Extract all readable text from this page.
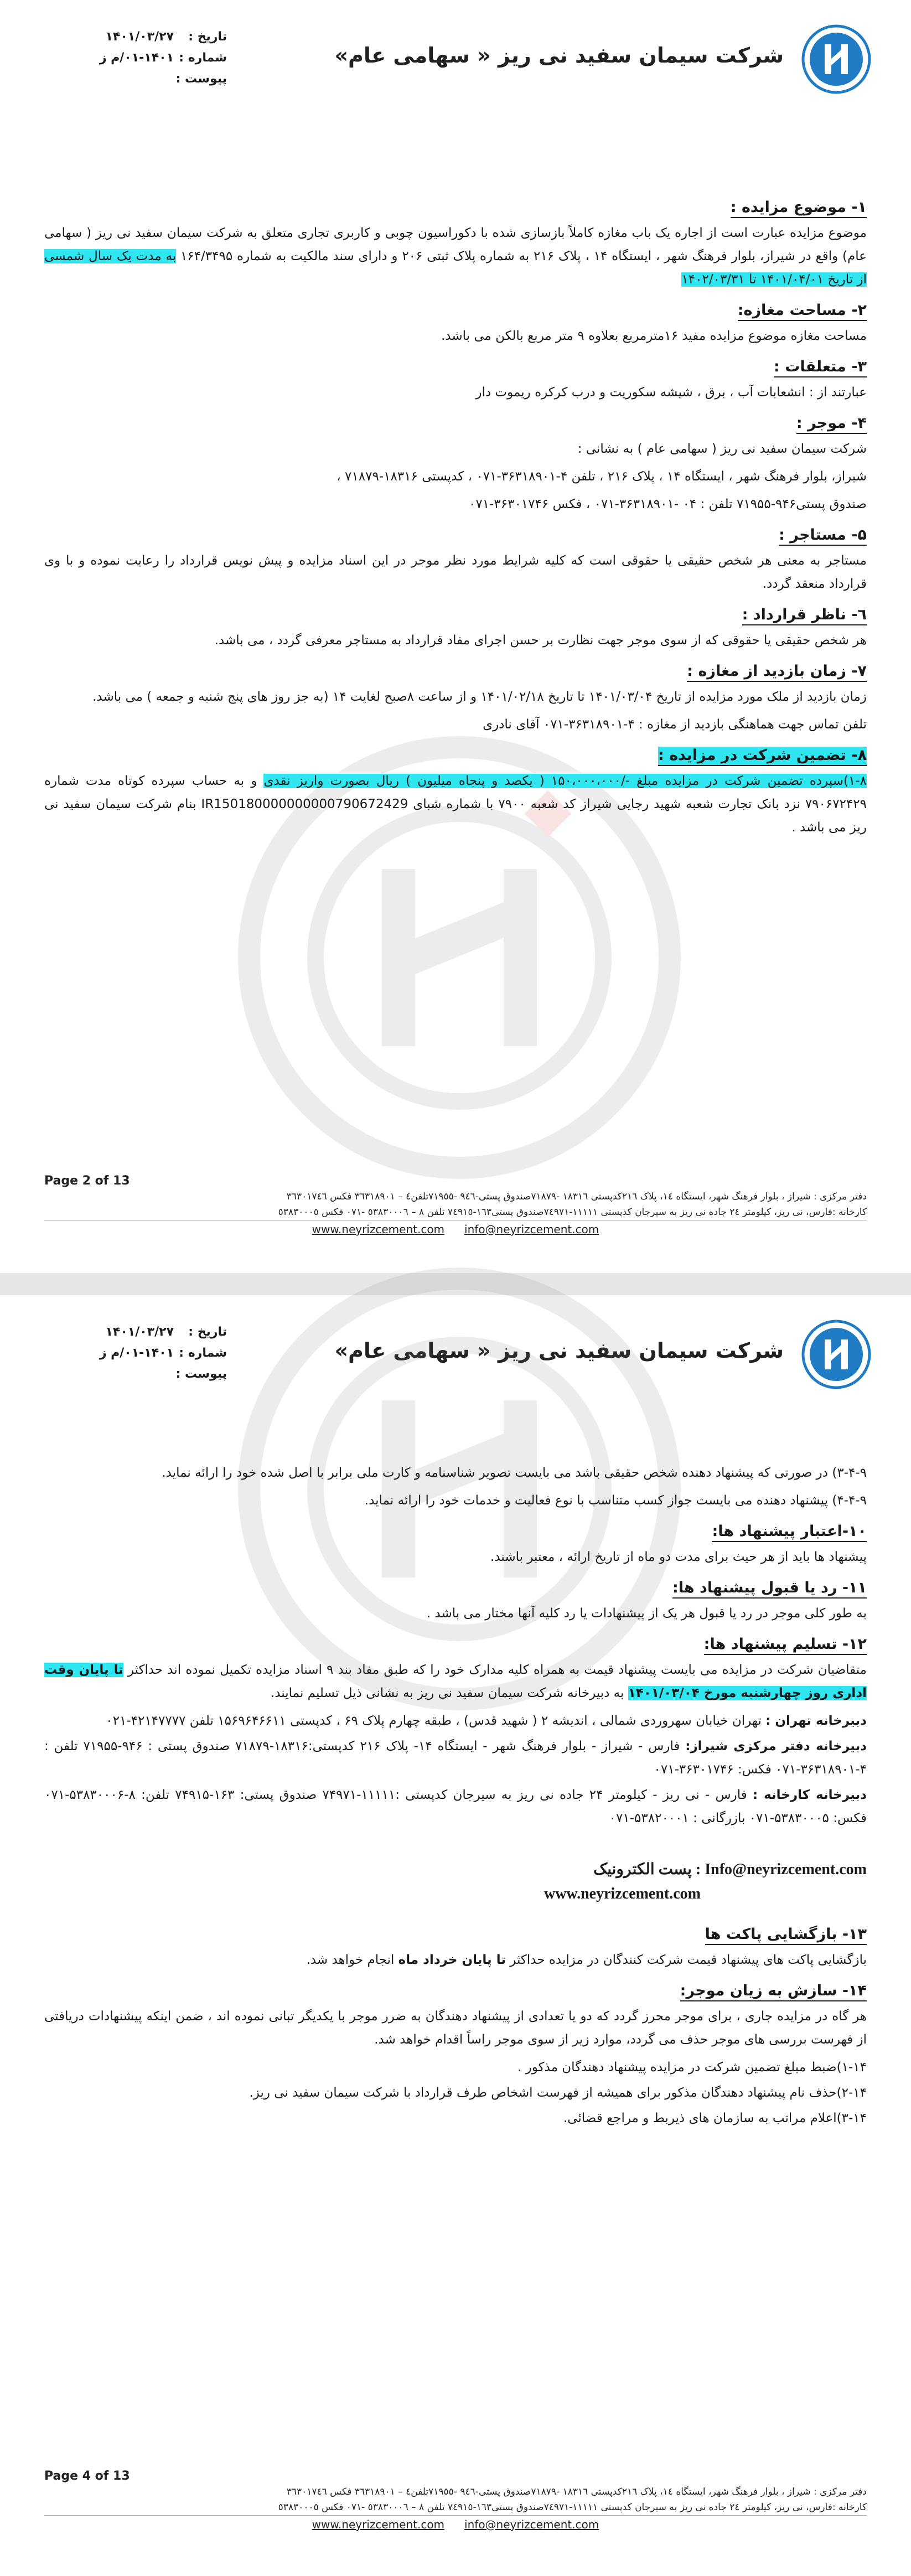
شرکت سیمان سفید نی ریز « سهامی عام»
تاریخ :۱۴۰۱/۰۳/۲۷
شماره :۰۱-۱۴۰۱/م ز
پیوست :
۱- موضوع مزایده :

موضوع مزایده عبارت است از اجاره یک باب مغازه کاملاً بازسازی شده با دکوراسیون چوبی و کاربری تجاری متعلق به شرکت سیمان سفید نی ریز ( سهامی عام) واقع در شیراز، بلوار فرهنگ شهر ، ایستگاه ۱۴ ، پلاک ۲۱۶ به شماره پلاک ثبتی ۲۰۶ و دارای سند مالکیت به شماره ۱۶۴/۳۴۹۵ به مدت یک سال شمسی از تاریخ ۱۴۰۱/۰۴/۰۱ تا ۱۴۰۲/۰۳/۳۱

۲- مساحت مغازه:

مساحت مغازه موضوع مزایده مفید ۱۶مترمربع بعلاوه ۹ متر مربع بالکن می باشد.

۳- متعلقات :

عبارتند از : انشعابات آب ، برق ، شیشه سکوریت و درب کرکره ریموت دار

۴- موجر :

شرکت سیمان سفید نی ریز ( سهامی عام ) به نشانی :

شیراز، بلوار فرهنگ شهر ، ایستگاه ۱۴ ، پلاک ۲۱۶ ، تلفن ۴-۳۶۳۱۸۹۰۱-۰۷۱ ، کدپستی ۱۸۳۱۶-۷۱۸۷۹ ،

صندوق پستی۹۴۶-۷۱۹۵۵ تلفن : ۰۴ -۳۶۳۱۸۹۰۱-۰۷۱ ، فکس ۳۶۳۰۱۷۴۶-۰۷۱

۵- مستاجر :

مستاجر به معنی هر شخص حقیقی یا حقوقی است که کلیه شرایط مورد نظر موجر در این اسناد مزایده و پیش نویس قرارداد را رعایت نموده و با وی قرارداد منعقد گردد.

٦- ناظر قرارداد :

هر شخص حقیقی یا حقوقی که از سوی موجر جهت نظارت بر حسن اجرای مفاد قرارداد به مستاجر معرفی گردد ، می باشد.

۷- زمان بازدید از مغازه :

زمان بازدید از ملک مورد مزایده از تاریخ ۱۴۰۱/۰۳/۰۴ تا تاریخ ۱۴۰۱/۰۲/۱۸ و از ساعت ۸صبح لغایت ۱۴ (به جز روز های پنج شنبه و جمعه ) می باشد.

تلفن تماس جهت هماهنگی بازدید از مغازه : ۴-۳۶۳۱۸۹۰۱-۰۷۱ آقای نادری

۸- تضمین شرکت در مزایده :

۱-۸)سپرده تضمین شرکت در مزایده مبلغ -/۱۵۰،۰۰۰،۰۰۰ ( یکصد و پنجاه میلیون ) ریال بصورت واریز نقدی و به حساب سپرده کوتاه مدت شماره ۷۹۰۶۷۲۴۲۹ نزد بانک تجارت شعبه شهید رجایی شیراز کد شعبه ۷۹۰۰ با شماره شبای IR150180000000000790672429 بنام شرکت سیمان سفید نی ریز می باشد .

Page 2 of 13
دفتر مرکزی : شیراز ، بلوار فرهنگ شهر، ایستگاه ١٤، پلاک ٢١٦کدپستی ١٨٣١٦ -٧١٨٧٩صندوق پستی-٩٤٦ -٧١٩٥٥تلفن٤ – ٣٦٣١٨٩٠١ فکس ٣٦٣٠١٧٤٦
کارخانه :فارس، نی ریز، کیلومتر ٢٤ جاده نی ریز به سیرجان کدپستی ١١١١١-٧٤٩٧١صندوق پستی١٦٣-٧٤٩١٥ تلفن ٨ – ٥٣٨٣٠٠٠٦ -٠٧١ فکس ٥٣٨٣٠٠٠٥
www.neyrizcement.com info@neyrizcement.com
شرکت سیمان سفید نی ریز « سهامی عام»
تاریخ :۱۴۰۱/۰۳/۲۷
شماره :۰۱-۱۴۰۱/م ز
پیوست :

۳-۴-۹) در صورتی که پیشنهاد دهنده شخص حقیقی باشد می بایست تصویر شناسنامه و کارت ملی برابر با اصل شده خود را ارائه نماید.

۴-۴-۹) پیشنهاد دهنده می بایست جواز کسب متناسب با نوع فعالیت و خدمات خود را ارائه نماید.

۱۰-اعتبار پیشنهاد ها:

پیشنهاد ها باید از هر حیث برای مدت دو ماه از تاریخ ارائه ، معتبر باشند.

۱۱- رد یا قبول پیشنهاد ها:

به طور کلی موجر در رد یا قبول هر یک از پیشنهادات یا رد کلیه آنها مختار می باشد .

۱۲- تسلیم پیشنهاد ها:

متقاضیان شرکت در مزایده می بایست پیشنهاد قیمت به همراه کلیه مدارک خود را که طبق مفاد بند ۹ اسناد مزایده تکمیل نموده اند حداکثر تا پایان وقت اداری روز چهارشنبه مورخ ۱۴۰۱/۰۳/۰۴ به دبیرخانه شرکت سیمان سفید نی ریز به نشانی ذیل تسلیم نمایند.

دبیرخانه تهران : تهران خیابان سهروردی شمالی ، اندیشه ۲ ( شهید قدس) ، طبقه چهارم پلاک ۶۹ ، کدپستی ۱۵۶۹۶۴۶۶۱۱ تلفن ۴۲۱۴۷۷۷۷-۰۲۱

دبیرخانه دفتر مرکزی شیراز: فارس - شیراز - بلوار فرهنگ شهر - ایستگاه ۱۴- پلاک ۲۱۶ کدپستی:۱۸۳۱۶-۷۱۸۷۹ صندوق پستی : ۹۴۶-۷۱۹۵۵ تلفن : ۴-۳۶۳۱۸۹۰۱-۰۷۱ فکس: ۳۶۳۰۱۷۴۶-۰۷۱

دبیرخانه کارخانه : فارس - نی ریز - کیلومتر ۲۴ جاده نی ریز به سیرجان کدپستی :۱۱۱۱۱-۷۴۹۷۱ صندوق پستی: ۱۶۳-۷۴۹۱۵ تلفن: ۸-۵۳۸۳۰۰۰۶-۰۷۱ فکس: ۵۳۸۳۰۰۰۵-۰۷۱ بازرگانی : ۵۳۸۲۰۰۰۱-۰۷۱

Info@neyrizcement.com : پست الکترونیک
www.neyrizcement.com
۱۳- بازگشایی پاکت ها

بازگشایی پاکت های پیشنهاد قیمت شرکت کنندگان در مزایده حداکثر تا پایان خرداد ماه انجام خواهد شد.

۱۴- سازش به زیان موجر:

هر گاه در مزایده جاری ، برای موجر محرز گردد که دو یا تعدادی از پیشنهاد دهندگان به ضرر موجر با یکدیگر تبانی نموده اند ، ضمن اینکه پیشنهادات دریافتی از فهرست بررسی های موجر حذف می گردد، موارد زیر از سوی موجر راساً اقدام خواهد شد.

۱-۱۴)ضبط مبلغ تضمین شرکت در مزایده پیشنهاد دهندگان مذکور .

۲-۱۴)حذف نام پیشنهاد دهندگان مذکور برای همیشه از فهرست اشخاص طرف قرارداد با شرکت سیمان سفید نی ریز.

۳-۱۴)اعلام مراتب به سازمان های ذیربط و مراجع قضائی.

Page 4 of 13
دفتر مرکزی : شیراز ، بلوار فرهنگ شهر، ایستگاه ١٤، پلاک ٢١٦کدپستی ١٨٣١٦ -٧١٨٧٩صندوق پستی-٩٤٦ -٧١٩٥٥تلفن٤ – ٣٦٣١٨٩٠١ فکس ٣٦٣٠١٧٤٦
کارخانه :فارس، نی ریز، کیلومتر ٢٤ جاده نی ریز به سیرجان کدپستی ١١١١١-٧٤٩٧١صندوق پستی١٦٣-٧٤٩١٥ تلفن ٨ – ٥٣٨٣٠٠٠٦ -٠٧١ فکس ٥٣٨٣٠٠٠٥
www.neyrizcement.com info@neyrizcement.com
